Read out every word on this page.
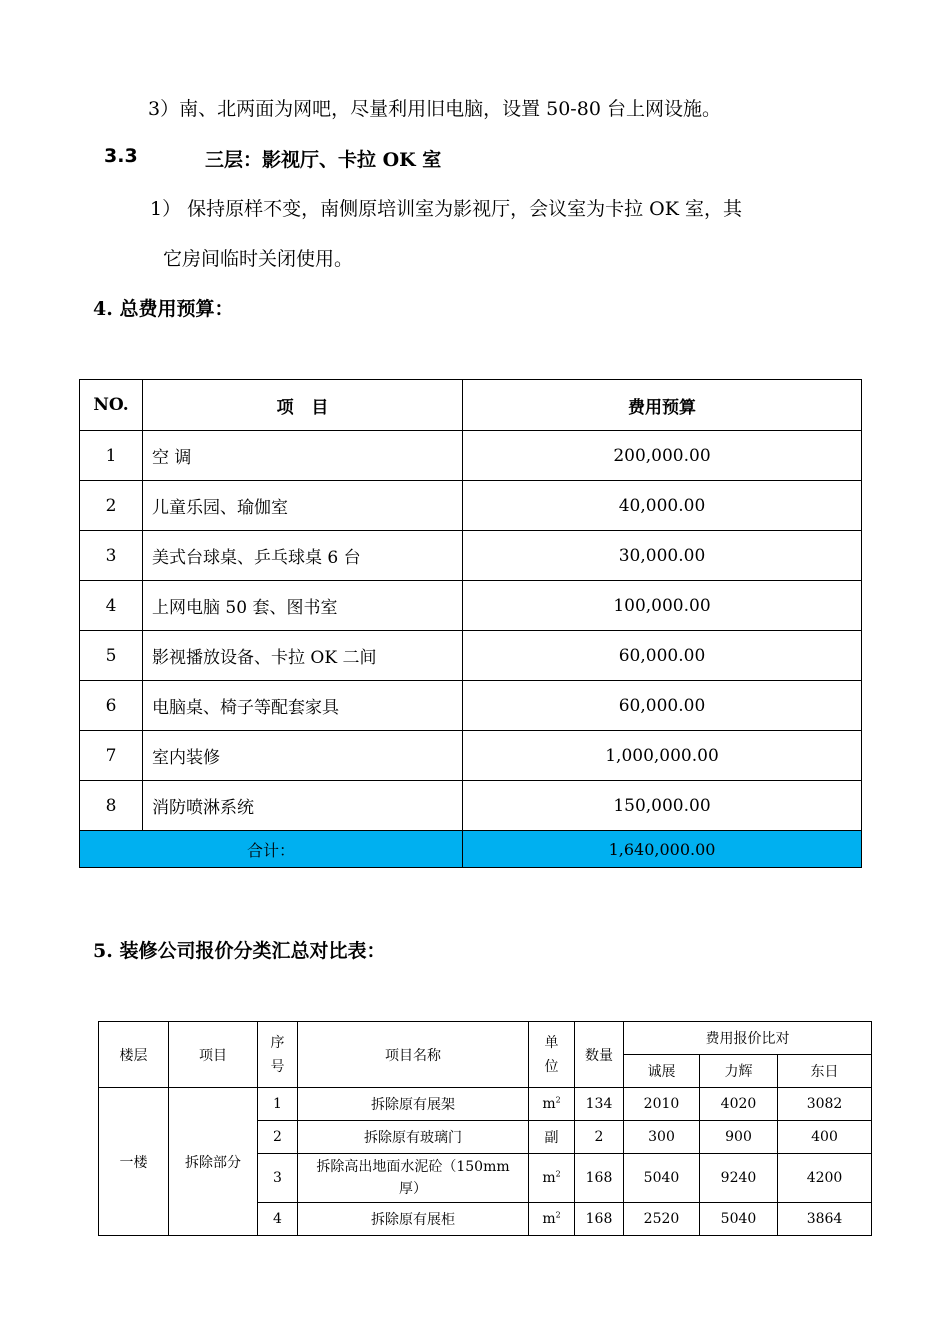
3）南、北两面为网吧，尽量利用旧电脑，设置 50-80 台上网设施。
3.3	三层：影视厅、卡拉 OK 室
1） 保持原样不变，南侧原培训室为影视厅，会议室为卡拉 OK 室，其
它房间临时关闭使用。
4. 总费用预算：
NO.	项   目	费用预算
1	空 调	200,000.00
2	儿童乐园、瑜伽室	40,000.00
3	美式台球桌、乒乓球桌 6 台	30,000.00
4	上网电脑 50 套、图书室	100,000.00
5	影视播放设备、卡拉 OK 二间	60,000.00
6	电脑桌、椅子等配套家具	60,000.00
7	室内装修	1,000,000.00
8	消防喷淋系统	150,000.00
合计：		1,640,000.00
5. 装修公司报价分类汇总对比表：
楼层	项目	序号	项目名称	单位	数量	费用报价比对		
						诚展	力辉	东日
一楼	拆除部分	1	拆除原有展架	$m^2$	134	2010	4020	3082
		2	拆除原有玻璃门	副	2	300	900	400
		3	拆除高出地面水泥砼（150mm 厚）	$m^2$	168	5040	9240	4200
		4	拆除原有展柜	$m^2$	168	2520	5040	3864
